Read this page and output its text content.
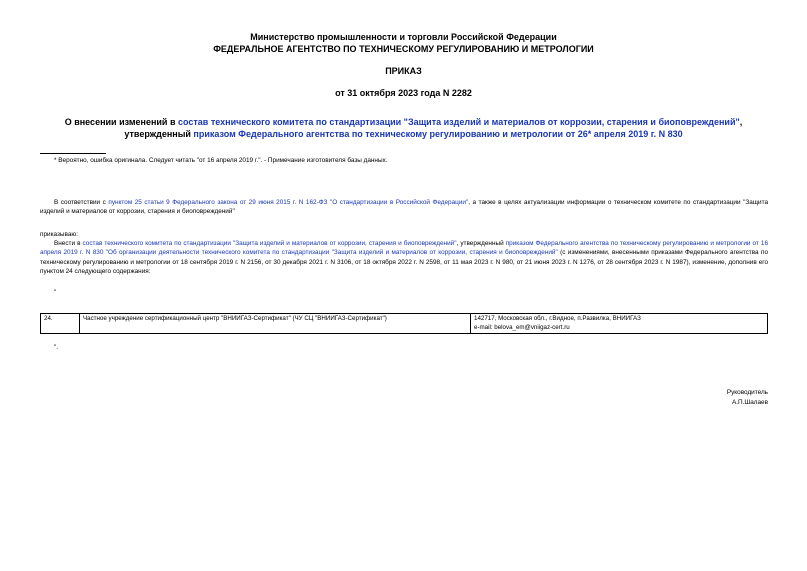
Министерство промышленности и торговли Российской Федерации
ФЕДЕРАЛЬНОЕ АГЕНТСТВО ПО ТЕХНИЧЕСКОМУ РЕГУЛИРОВАНИЮ И МЕТРОЛОГИИ
ПРИКАЗ
от 31 октября 2023 года N 2282
О внесении изменений в состав технического комитета по стандартизации "Защита изделий и материалов от коррозии, старения и биоповреждений",
утвержденный приказом Федерального агентства по техническому регулированию и метрологии от 26* апреля 2019 г. N 830
* Вероятно, ошибка оригинала. Следует читать "от 16 апреля 2019 г.". - Примечание изготовителя базы данных.
В соответствии с пунктом 25 статьи 9 Федерального закона от 29 июня 2015 г. N 162-ФЗ "О стандартизации в Российской Федерации", а также в целях актуализации информации о техническом комитете по стандартизации "Защита изделий и материалов от коррозии, старения и биоповреждений"
приказываю:
Внести в состав технического комитета по стандартизации "Защита изделий и материалов от коррозии, старения и биоповреждений", утвержденный приказом Федерального агентства по техническому регулированию и метрологии от 16 апреля 2019 г. N 830 "Об организации деятельности технического комитета по стандартизации "Защита изделий и материалов от коррозии, старения и биоповреждений" (с изменениями, внесенными приказами Федерального агентства по техническому регулированию и метрологии от 18 сентября 2019 г. N 2156, от 30 декабря 2021 г. N 3106, от 18 октября 2022 г. N 2598, от 11 мая 2023 г. N 980, от 21 июня 2023 г. N 1276, от 28 сентября 2023 г. N 1987), изменение, дополнив его пунктом 24 следующего содержания:
"
24.	Частное учреждение сертификационный центр "ВНИИГАЗ-Сертификат" (ЧУ СЦ "ВНИИГАЗ-Сертификат")	142717, Московская обл., г.Видное, п.Развилка, ВНИИГАЗ
e-mail: belova_em@vniigaz-cert.ru
".
Руководитель
А.П.Шалаев
